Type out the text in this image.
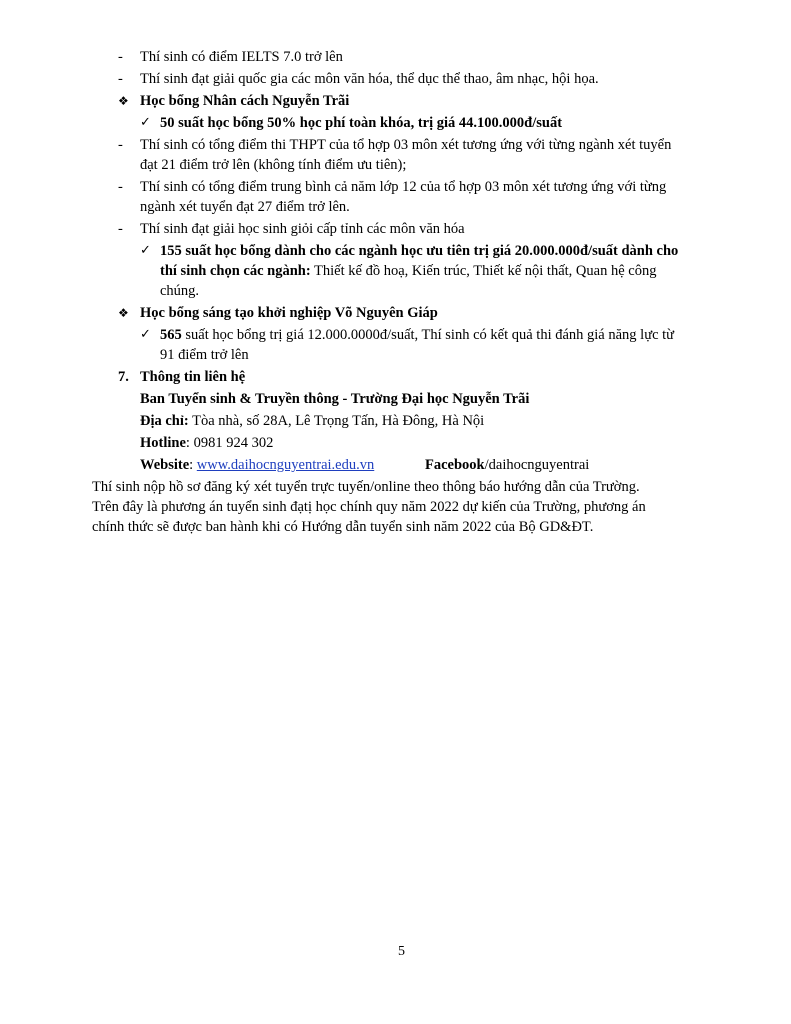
- Thí sinh có điểm IELTS 7.0 trở lên
- Thí sinh đạt giải quốc gia các môn văn hóa, thể dục thể thao, âm nhạc, hội họa.
❖ Học bổng Nhân cách Nguyễn Trãi
✓ 50 suất học bổng 50% học phí toàn khóa, trị giá 44.100.000đ/suất
- Thí sinh có tổng điểm thi THPT của tổ hợp 03 môn xét tương ứng với từng ngành xét tuyển
đạt 21 điểm trở lên (không tính điểm ưu tiên);
- Thí sinh có tổng điểm trung bình cả năm lớp 12 của tổ hợp 03 môn xét tương ứng với từng
ngành xét tuyển đạt 27 điểm trở lên.
- Thí sinh đạt giải học sinh giỏi cấp tỉnh các môn văn hóa
✓ 155 suất học bổng dành cho các ngành học ưu tiên trị giá 20.000.000đ/suất dành cho
thí sinh chọn các ngành: Thiết kế đồ hoạ, Kiến trúc, Thiết kế nội thất, Quan hệ công
chúng.
❖ Học bổng sáng tạo khởi nghiệp Võ Nguyên Giáp
✓ 565 suất học bổng trị giá 12.000.0000đ/suất, Thí sinh có kết quả thi đánh giá năng lực từ
91 điểm trở lên
7. Thông tin liên hệ
Ban Tuyển sinh & Truyền thông - Trường Đại học Nguyễn Trãi
Địa chỉ: Tòa nhà, số 28A, Lê Trọng Tấn, Hà Đông, Hà Nội
Hotline: 0981 924 302
Website: www.daihocnguyentrai.edu.vn	Facebook/daihocnguyentrai
Thí sinh nộp hồ sơ đăng ký xét tuyển trực tuyến/online theo thông báo hướng dẫn của Trường.
Trên đây là phương án tuyển sinh đạtị học chính quy năm 2022 dự kiến của Trường, phương án
chính thức sẽ được ban hành khi có Hướng dẫn tuyển sinh năm 2022 của Bộ GD&ĐT.
5
